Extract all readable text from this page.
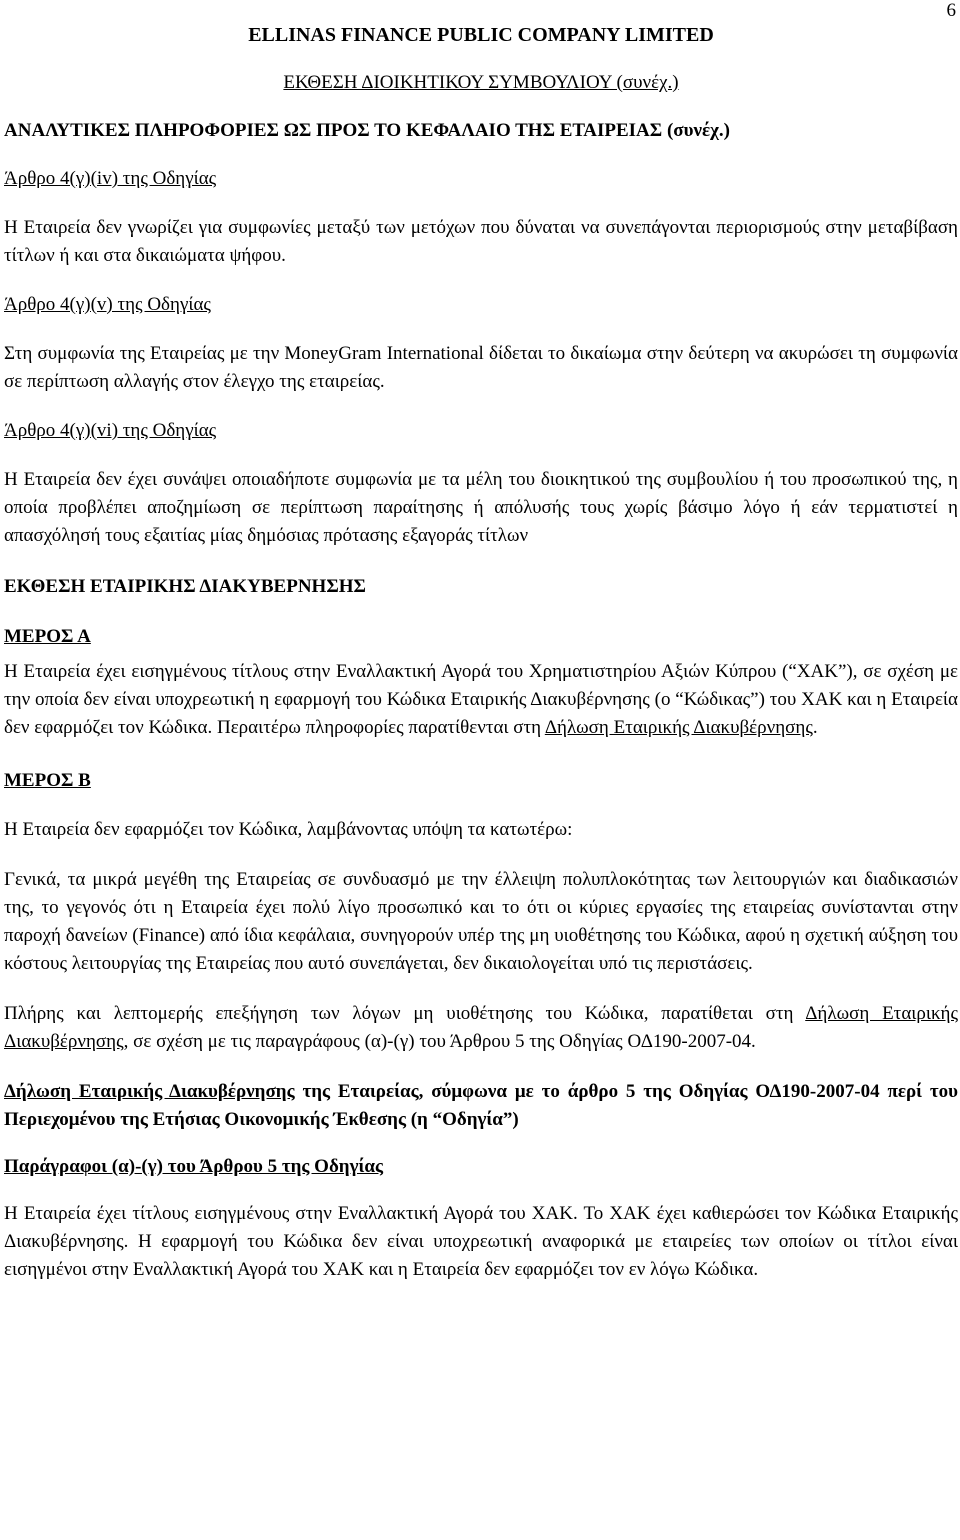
6
ELLINAS FINANCE PUBLIC COMPANY LIMITED
ΕΚΘΕΣΗ ΔΙΟΙΚΗΤΙΚΟΥ ΣΥΜΒΟΥΛΙΟΥ (συνέχ.)
ΑΝΑΛΥΤΙΚΕΣ ΠΛΗΡΟΦΟΡΙΕΣ ΩΣ ΠΡΟΣ ΤΟ ΚΕΦΑΛΑΙΟ ΤΗΣ ΕΤΑΙΡΕΙΑΣ (συνέχ.)
Άρθρο 4(γ)(iv) της Οδηγίας

Η Εταιρεία δεν γνωρίζει για συμφωνίες μεταξύ των μετόχων που δύναται να συνεπάγονται περιορισμούς στην μεταβίβαση τίτλων ή και στα δικαιώματα ψήφου.

Άρθρο 4(γ)(v) της Οδηγίας

Στη συμφωνία της Εταιρείας με την MoneyGram International δίδεται το δικαίωμα στην δεύτερη να ακυρώσει τη συμφωνία σε περίπτωση αλλαγής στον έλεγχο της εταιρείας.

Άρθρο 4(γ)(vi) της Οδηγίας

Η Εταιρεία δεν έχει συνάψει οποιαδήποτε συμφωνία με τα μέλη του διοικητικού της συμβουλίου ή του προσωπικού της, η οποία προβλέπει αποζημίωση σε περίπτωση παραίτησης ή απόλυσής τους χωρίς βάσιμο λόγο ή εάν τερματιστεί η απασχόλησή τους εξαιτίας μίας δημόσιας πρότασης εξαγοράς τίτλων

ΕΚΘΕΣΗ ΕΤΑΙΡΙΚΗΣ ΔΙΑΚΥΒΕΡΝΗΣΗΣ
ΜΕΡΟΣ Α

Η Εταιρεία έχει εισηγμένους τίτλους στην Εναλλακτική Αγορά του Χρηματιστηρίου Αξιών Κύπρου (“ΧΑΚ”), σε σχέση με την οποία δεν είναι υποχρεωτική η εφαρμογή του Κώδικα Εταιρικής Διακυβέρνησης (ο “Κώδικας”) του ΧΑΚ και η Εταιρεία δεν εφαρμόζει τον Κώδικα. Περαιτέρω πληροφορίες παρατίθενται στη Δήλωση Εταιρικής Διακυβέρνησης.

ΜΕΡΟΣ Β

Η Εταιρεία δεν εφαρμόζει τον Κώδικα, λαμβάνοντας υπόψη τα κατωτέρω:

Γενικά, τα μικρά μεγέθη της Εταιρείας σε συνδυασμό με την έλλειψη πολυπλοκότητας των λειτουργιών και διαδικασιών της, το γεγονός ότι η Εταιρεία έχει πολύ λίγο προσωπικό και το ότι οι κύριες εργασίες της εταιρείας συνίστανται στην παροχή δανείων (Finance) από ίδια κεφάλαια, συνηγορούν υπέρ της μη υιοθέτησης του Κώδικα, αφού η σχετική αύξηση του κόστους λειτουργίας της Εταιρείας που αυτό συνεπάγεται, δεν δικαιολογείται υπό τις περιστάσεις.

Πλήρης και λεπτομερής επεξήγηση των λόγων μη υιοθέτησης του Κώδικα, παρατίθεται στη Δήλωση Εταιρικής Διακυβέρνησης, σε σχέση με τις παραγράφους (α)-(γ) του Άρθρου 5 της Οδηγίας ΟΔ190-2007-04.

Δήλωση Εταιρικής Διακυβέρνησης της Εταιρείας, σύμφωνα με το άρθρο 5 της Οδηγίας ΟΔ190-2007-04 περί του Περιεχομένου της Ετήσιας Οικονομικής Έκθεσης (η “Οδηγία”)

Παράγραφοι (α)-(γ) του Άρθρου 5 της Οδηγίας

Η Εταιρεία έχει τίτλους εισηγμένους στην Εναλλακτική Αγορά του ΧΑΚ. Το ΧΑΚ έχει καθιερώσει τον Κώδικα Εταιρικής Διακυβέρνησης. Η εφαρμογή του Κώδικα δεν είναι υποχρεωτική αναφορικά με εταιρείες των οποίων οι τίτλοι είναι εισηγμένοι στην Εναλλακτική Αγορά του ΧΑΚ και η Εταιρεία δεν εφαρμόζει τον εν λόγω Κώδικα.
